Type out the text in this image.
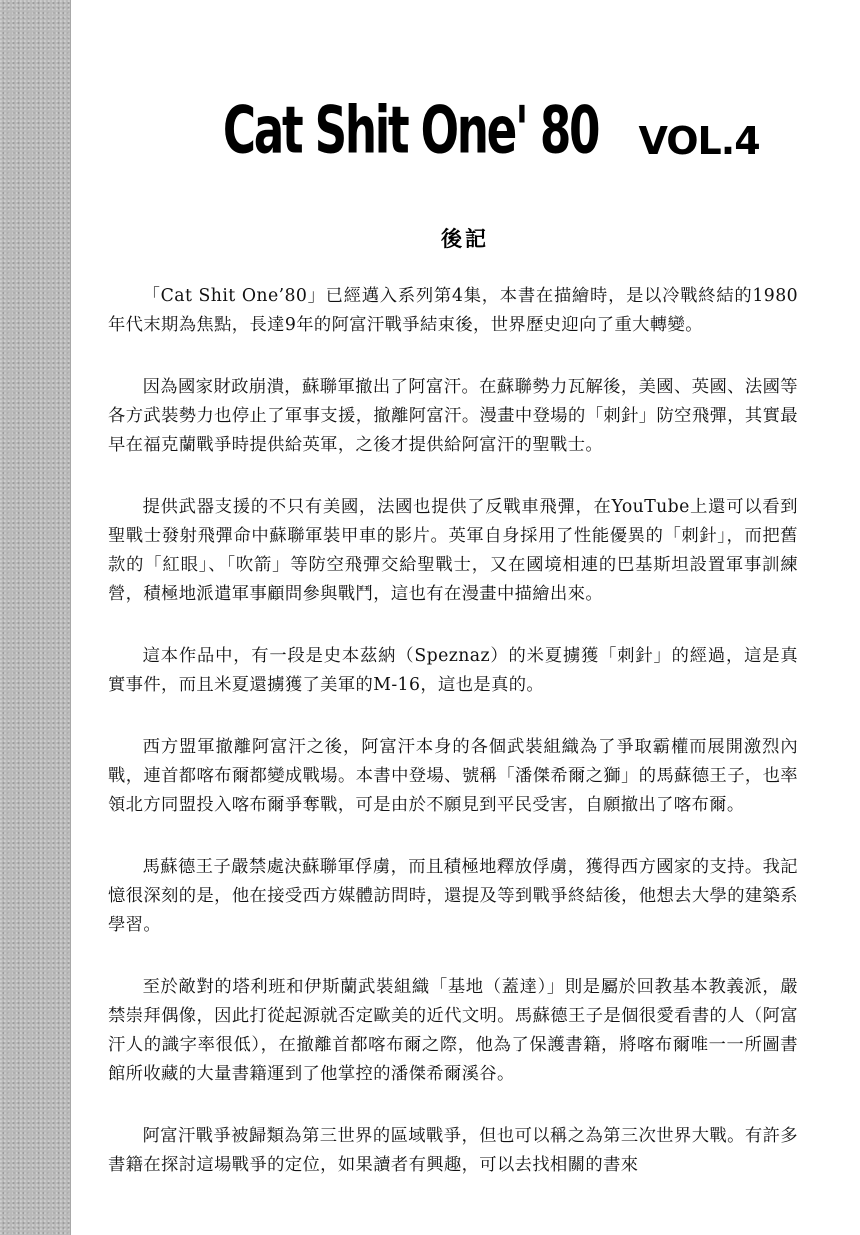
Cat Shit One' 80 VOL.4
後記

「Cat Shit One’80」已經邁入系列第4集，本書在描繪時，是以冷戰終結的1980年代末期為焦點，長達9年的阿富汗戰爭結束後，世界歷史迎向了重大轉變。

因為國家財政崩潰，蘇聯軍撤出了阿富汗。在蘇聯勢力瓦解後，美國、英國、法國等各方武裝勢力也停止了軍事支援，撤離阿富汗。漫畫中登場的「刺針」防空飛彈，其實最早在福克蘭戰爭時提供給英軍，之後才提供給阿富汗的聖戰士。

提供武器支援的不只有美國，法國也提供了反戰車飛彈，在YouTube上還可以看到聖戰士發射飛彈命中蘇聯軍裝甲車的影片。英軍自身採用了性能優異的「刺針」，而把舊款的「紅眼」、「吹箭」等防空飛彈交給聖戰士，又在國境相連的巴基斯坦設置軍事訓練營，積極地派遣軍事顧問參與戰鬥，這也有在漫畫中描繪出來。

這本作品中，有一段是史本茲納（Speznaz）的米夏擄獲「刺針」的經過，這是真實事件，而且米夏還擄獲了美軍的M-16，這也是真的。

西方盟軍撤離阿富汗之後，阿富汗本身的各個武裝組織為了爭取霸權而展開激烈內戰，連首都喀布爾都變成戰場。本書中登場、號稱「潘傑希爾之獅」的馬蘇德王子，也率領北方同盟投入喀布爾爭奪戰，可是由於不願見到平民受害，自願撤出了喀布爾。

馬蘇德王子嚴禁處決蘇聯軍俘虜，而且積極地釋放俘虜，獲得西方國家的支持。我記憶很深刻的是，他在接受西方媒體訪問時，還提及等到戰爭終結後，他想去大學的建築系學習。

至於敵對的塔利班和伊斯蘭武裝組織「基地（蓋達）」則是屬於回教基本教義派，嚴禁崇拜偶像，因此打從起源就否定歐美的近代文明。馬蘇德王子是個很愛看書的人（阿富汗人的識字率很低），在撤離首都喀布爾之際，他為了保護書籍，將喀布爾唯一一所圖書館所收藏的大量書籍運到了他掌控的潘傑希爾溪谷。

阿富汗戰爭被歸類為第三世界的區域戰爭，但也可以稱之為第三次世界大戰。有許多書籍在探討這場戰爭的定位，如果讀者有興趣，可以去找相關的書來
